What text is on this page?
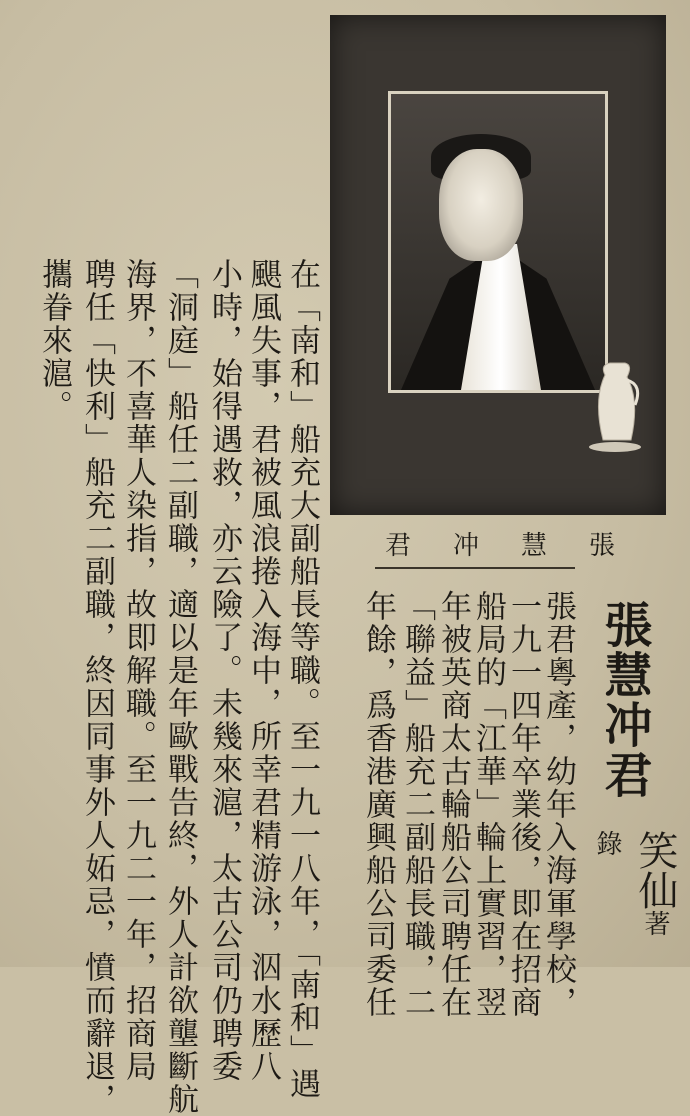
張
慧
冲
君
張慧冲君
笑仙著錄
張君粵產，幼年入海軍學校，
一九一四年卒業後，即在招商
船局的「江華」輪上實習，翌
年被英商太古輪船公司聘任在
「聯益」船充二副船長職，二
年餘，爲香港廣興船公司委任
在「南和」船充大副船長等職。至一九一八年，「南和」遇
颶風失事，君被風浪捲入海中，所幸君精游泳，泅水歷八
小時，始得遇救，亦云險了。未幾來滬，太古公司仍聘委
「洞庭」船任二副職，適以是年歐戰告終，外人計欲壟斷航
海界，不喜華人染指，故即解職。至一九二一年，招商局
聘任「快利」船充二副職，終因同事外人妬忌，憤而辭退，
攜眷來滬。
